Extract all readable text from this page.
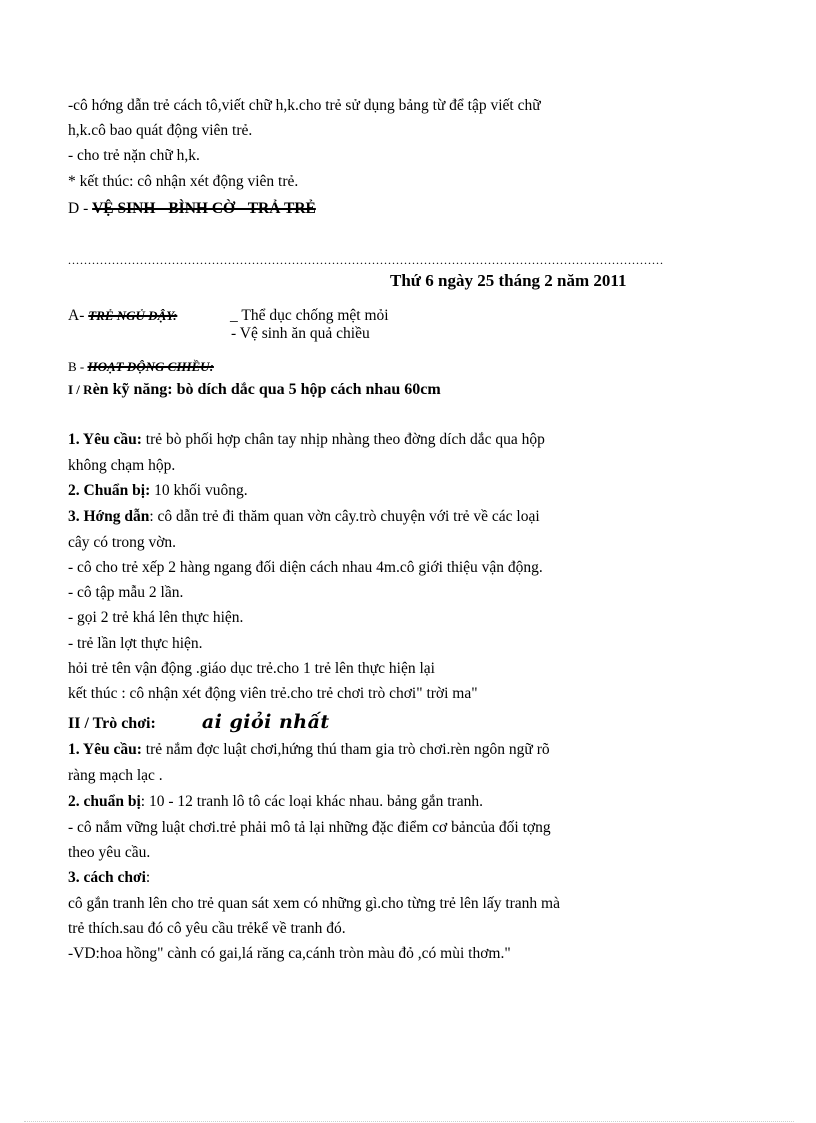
-cô hớng dẫn trẻ cách tô,viết chữ h,k.cho trẻ sử dụng bảng từ để tập viết chữ
h,k.cô bao quát động viên trẻ.
- cho trẻ nặn chữ h,k.
* kết thúc: cô nhận xét động viên trẻ.
D - VỆ SINH - BÌNH CỜ - TRẢ TRẺ
.....................................................................................................................................................
Thứ 6 ngày 25 tháng 2 năm 2011
A- TRẺ NGỦ DẬY:	_ Thể dục chống mệt mỏi
- Vệ sinh ăn quả chiều
B - HOẠT ĐỘNG CHIỀU:
I / Rèn kỹ năng: bò dích dắc qua 5 hộp cách nhau 60cm
1. Yêu cầu: trẻ bò phối hợp chân tay nhịp nhàng theo đờng dích dắc qua hộp
không chạm hộp.
2. Chuẩn bị: 10 khối vuông.
3. Hớng dẫn: cô dẫn trẻ đi thăm quan vờn cây.trò chuyện với trẻ về các loại
cây có trong vờn.
- cô cho trẻ xếp 2 hàng ngang đối diện cách nhau 4m.cô giới thiệu vận động.
- cô tập mẫu 2 lần.
- gọi 2 trẻ khá lên thực hiện.
- trẻ lần lợt thực hiện.
hỏi trẻ tên vận động .giáo dục trẻ.cho 1 trẻ lên thực hiện lại
kết thúc : cô nhận xét động viên trẻ.cho trẻ chơi trò chơi" trời ma"
II / Trò chơi: ai giỏi nhất
1. Yêu cầu: trẻ nắm đợc luật chơi,hứng thú tham gia trò chơi.rèn ngôn ngữ rõ
ràng mạch lạc .
2. chuẩn bị: 10 - 12 tranh lô tô các loại khác nhau. bảng gắn tranh.
- cô nắm vững luật chơi.trẻ phải mô tả lại những đặc điểm cơ bảncủa đối tợng
theo yêu cầu.
3. cách chơi:
cô gắn tranh lên cho trẻ quan sát xem có những gì.cho từng trẻ lên lấy tranh mà
trẻ thích.sau đó cô yêu cầu trẻkể về tranh đó.
-VD:hoa hồng" cành có gai,lá răng ca,cánh tròn màu đỏ ,có mùi thơm."
